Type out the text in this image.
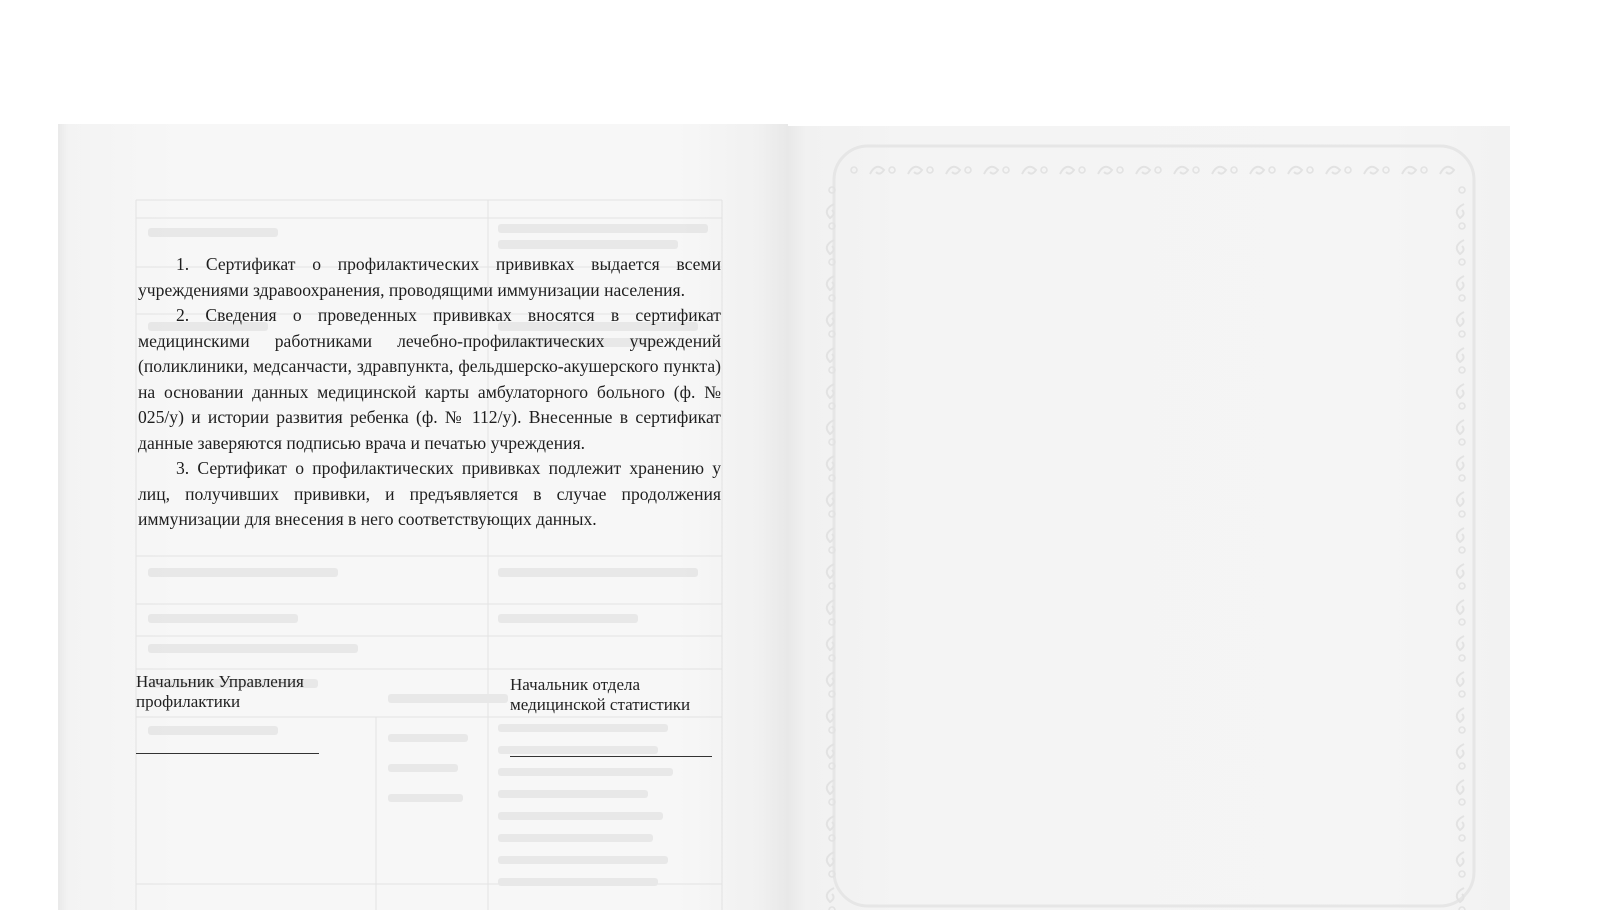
1. Сертификат о профилактических прививках выдается всеми учреждениями здравоохранения, проводящими иммунизации населения.

2. Сведения о проведенных прививках вносятся в сертификат медицинскими работниками лечебно-профилактических учреждений (поликлиники, медсанчасти, здравпункта, фельдшерско-акушерского пункта) на основании данных медицинской карты амбулаторного больного (ф. № 025/у) и истории развития ребенка (ф. № 112/у). Внесенные в сертификат данные заверяются подписью врача и печатью учреждения.

3. Сертификат о профилактических прививках подлежит хранению у лиц, получивших прививки, и предъявляется в случае продолжения иммунизации для внесения в него соответствующих данных.

Начальник Управления
профилактики
Начальник отдела
медицинской статистики
